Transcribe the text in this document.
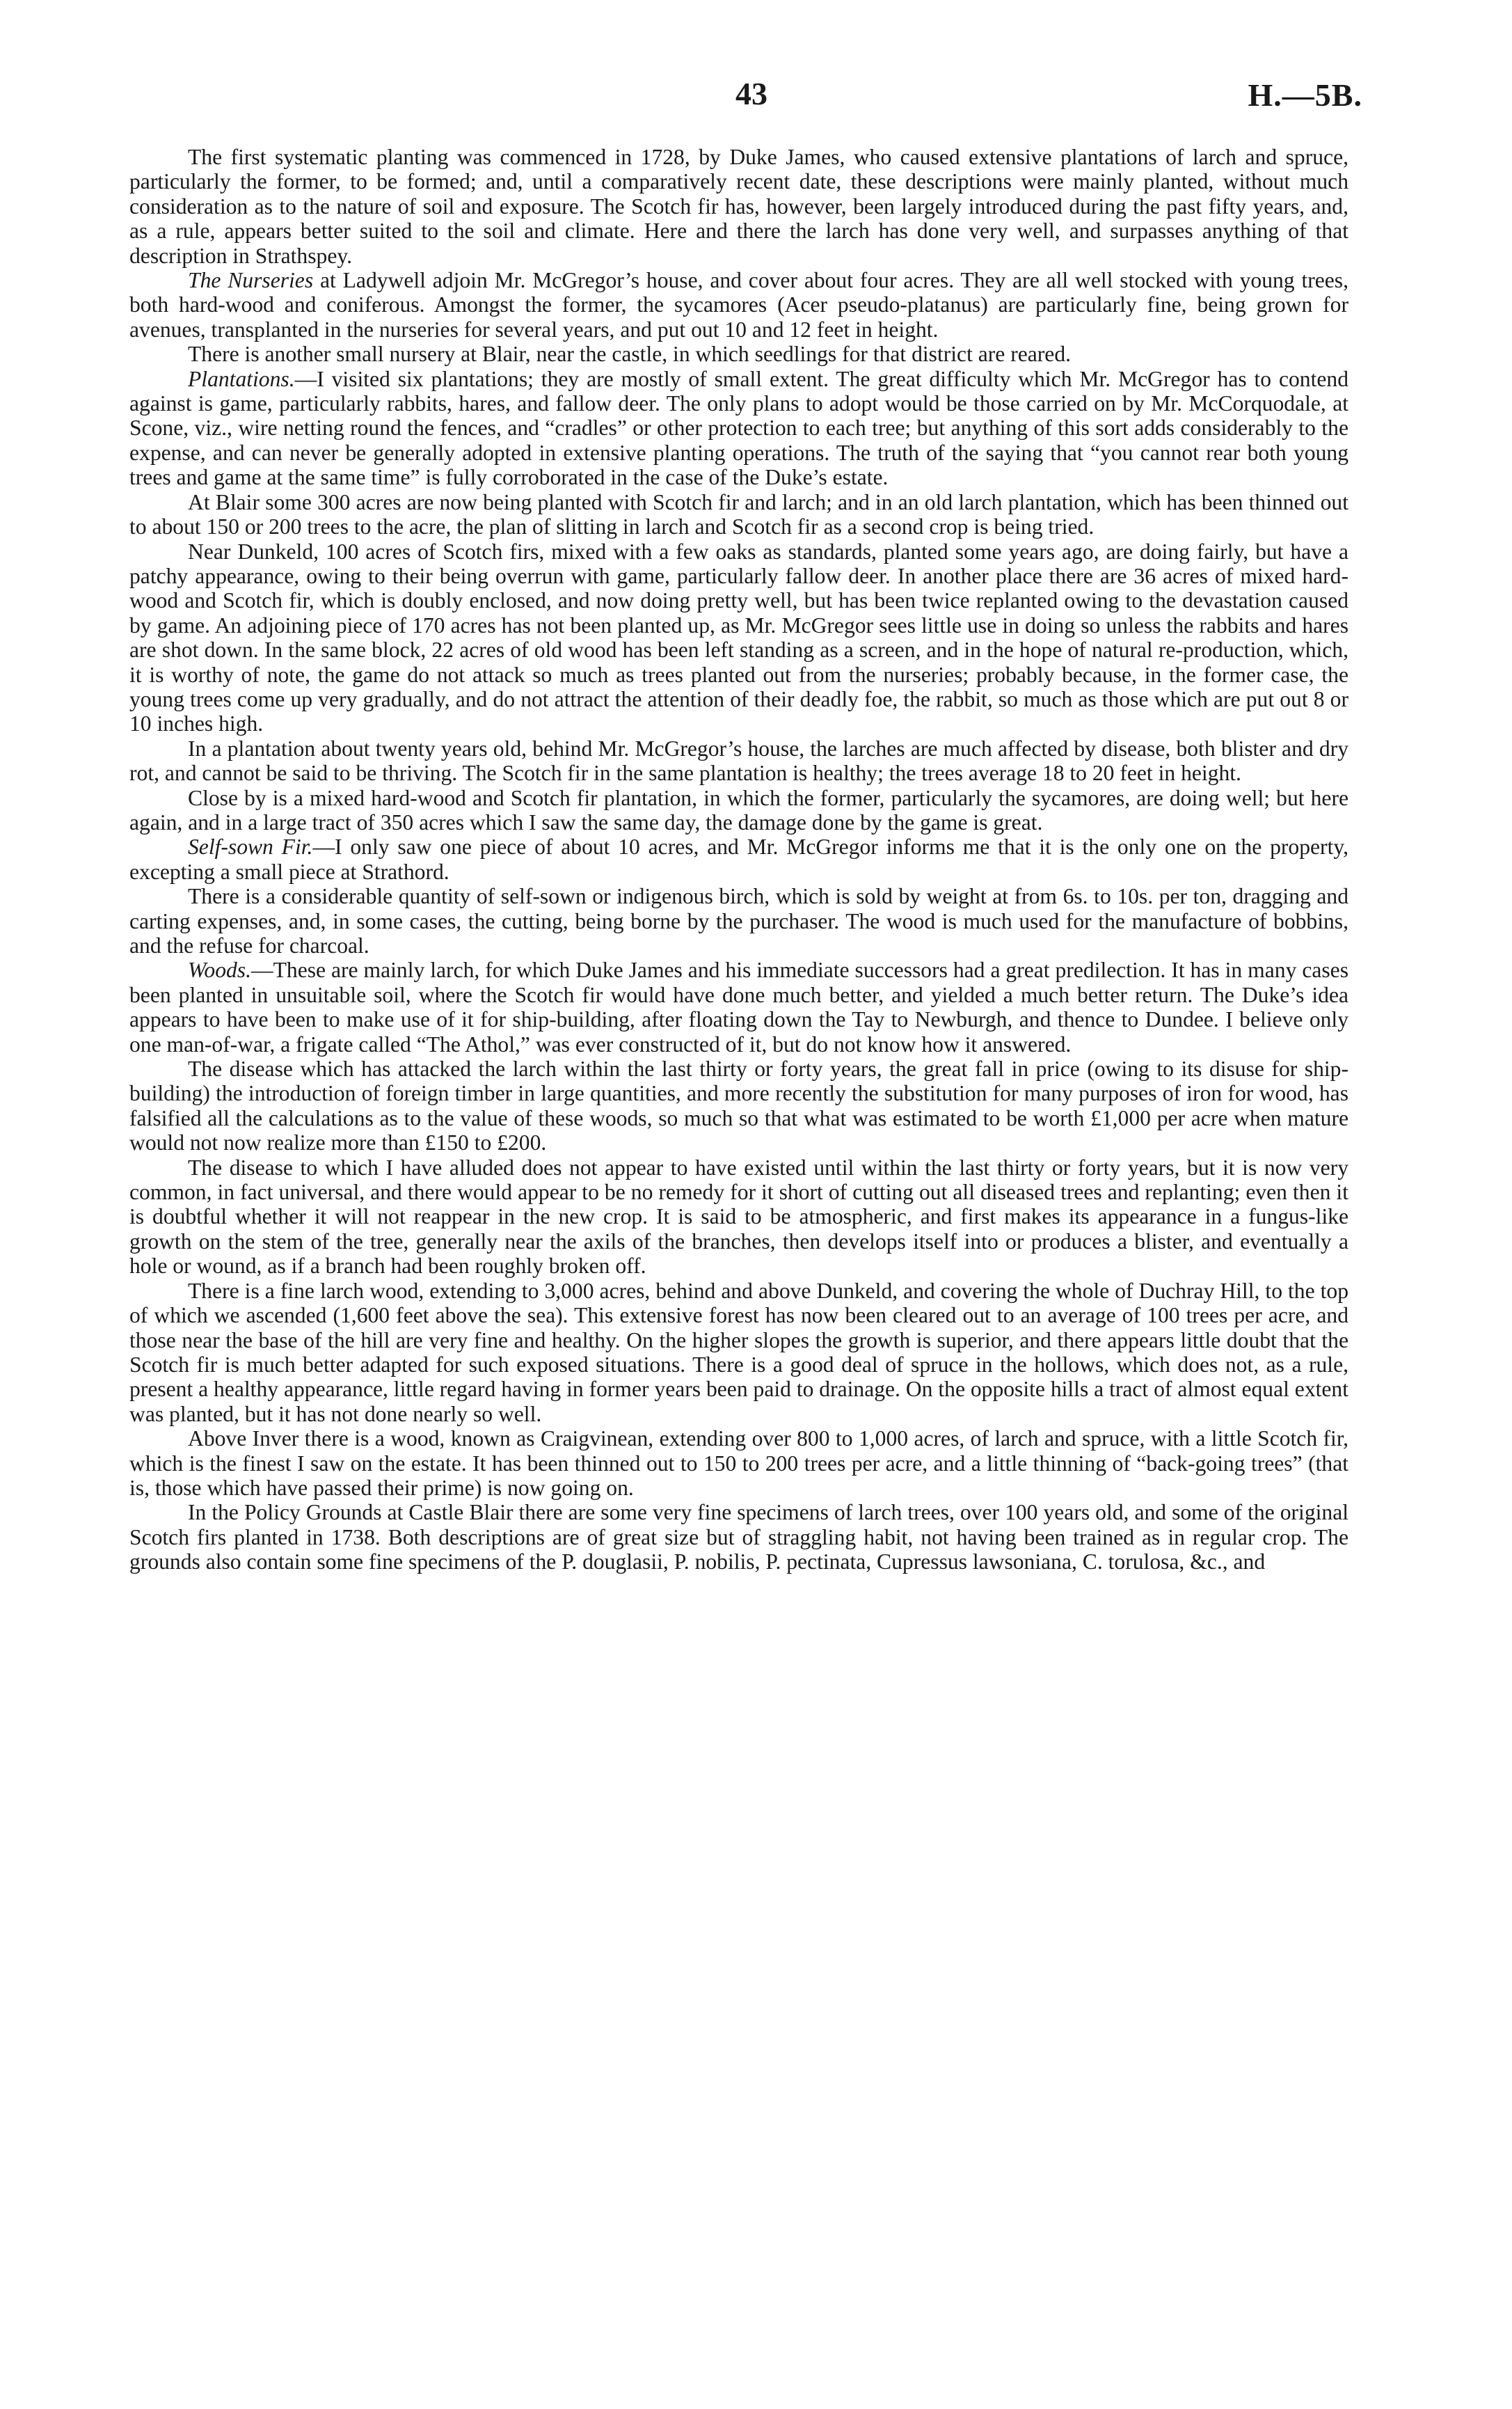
43	H.—5B.

The first systematic planting was commenced in 1728, by Duke James, who caused extensive plantations of larch and spruce, particularly the former, to be formed; and, until a comparatively recent date, these descriptions were mainly planted, without much consideration as to the nature of soil and exposure. The Scotch fir has, however, been largely introduced during the past fifty years, and, as a rule, appears better suited to the soil and climate. Here and there the larch has done very well, and surpasses anything of that description in Strathspey.

The Nurseries at Ladywell adjoin Mr. McGregor’s house, and cover about four acres. They are all well stocked with young trees, both hard-wood and coniferous. Amongst the former, the sycamores (Acer pseudo-platanus) are particularly fine, being grown for avenues, transplanted in the nurseries for several years, and put out 10 and 12 feet in height.

There is another small nursery at Blair, near the castle, in which seedlings for that district are reared.

Plantations.—I visited six plantations; they are mostly of small extent. The great difficulty which Mr. McGregor has to contend against is game, particularly rabbits, hares, and fallow deer. The only plans to adopt would be those carried on by Mr. McCorquodale, at Scone, viz., wire netting round the fences, and “cradles” or other protection to each tree; but anything of this sort adds considerably to the expense, and can never be generally adopted in extensive planting operations. The truth of the saying that “you cannot rear both young trees and game at the same time” is fully corroborated in the case of the Duke’s estate.

At Blair some 300 acres are now being planted with Scotch fir and larch; and in an old larch plantation, which has been thinned out to about 150 or 200 trees to the acre, the plan of slitting in larch and Scotch fir as a second crop is being tried.

Near Dunkeld, 100 acres of Scotch firs, mixed with a few oaks as standards, planted some years ago, are doing fairly, but have a patchy appearance, owing to their being overrun with game, particularly fallow deer. In another place there are 36 acres of mixed hard-wood and Scotch fir, which is doubly enclosed, and now doing pretty well, but has been twice replanted owing to the devastation caused by game. An adjoining piece of 170 acres has not been planted up, as Mr. McGregor sees little use in doing so unless the rabbits and hares are shot down. In the same block, 22 acres of old wood has been left standing as a screen, and in the hope of natural re-production, which, it is worthy of note, the game do not attack so much as trees planted out from the nurseries; probably because, in the former case, the young trees come up very gradually, and do not attract the attention of their deadly foe, the rabbit, so much as those which are put out 8 or 10 inches high.

In a plantation about twenty years old, behind Mr. McGregor’s house, the larches are much affected by disease, both blister and dry rot, and cannot be said to be thriving. The Scotch fir in the same plantation is healthy; the trees average 18 to 20 feet in height.

Close by is a mixed hard-wood and Scotch fir plantation, in which the former, particularly the sycamores, are doing well; but here again, and in a large tract of 350 acres which I saw the same day, the damage done by the game is great.

Self-sown Fir.—I only saw one piece of about 10 acres, and Mr. McGregor informs me that it is the only one on the property, excepting a small piece at Strathord.

There is a considerable quantity of self-sown or indigenous birch, which is sold by weight at from 6s. to 10s. per ton, dragging and carting expenses, and, in some cases, the cutting, being borne by the purchaser. The wood is much used for the manufacture of bobbins, and the refuse for charcoal.

Woods.—These are mainly larch, for which Duke James and his immediate successors had a great predilection. It has in many cases been planted in unsuitable soil, where the Scotch fir would have done much better, and yielded a much better return. The Duke’s idea appears to have been to make use of it for ship-building, after floating down the Tay to Newburgh, and thence to Dundee. I believe only one man-of-war, a frigate called “The Athol,” was ever constructed of it, but do not know how it answered.

The disease which has attacked the larch within the last thirty or forty years, the great fall in price (owing to its disuse for ship-building) the introduction of foreign timber in large quantities, and more recently the substitution for many purposes of iron for wood, has falsified all the calculations as to the value of these woods, so much so that what was estimated to be worth £1,000 per acre when mature would not now realize more than £150 to £200.

The disease to which I have alluded does not appear to have existed until within the last thirty or forty years, but it is now very common, in fact universal, and there would appear to be no remedy for it short of cutting out all diseased trees and replanting; even then it is doubtful whether it will not reappear in the new crop. It is said to be atmospheric, and first makes its appearance in a fungus-like growth on the stem of the tree, generally near the axils of the branches, then develops itself into or produces a blister, and eventually a hole or wound, as if a branch had been roughly broken off.

There is a fine larch wood, extending to 3,000 acres, behind and above Dunkeld, and covering the whole of Duchray Hill, to the top of which we ascended (1,600 feet above the sea). This extensive forest has now been cleared out to an average of 100 trees per acre, and those near the base of the hill are very fine and healthy. On the higher slopes the growth is superior, and there appears little doubt that the Scotch fir is much better adapted for such exposed situations. There is a good deal of spruce in the hollows, which does not, as a rule, present a healthy appearance, little regard having in former years been paid to drainage. On the opposite hills a tract of almost equal extent was planted, but it has not done nearly so well.

Above Inver there is a wood, known as Craigvinean, extending over 800 to 1,000 acres, of larch and spruce, with a little Scotch fir, which is the finest I saw on the estate. It has been thinned out to 150 to 200 trees per acre, and a little thinning of “back-going trees” (that is, those which have passed their prime) is now going on.

In the Policy Grounds at Castle Blair there are some very fine specimens of larch trees, over 100 years old, and some of the original Scotch firs planted in 1738. Both descriptions are of great size but of straggling habit, not having been trained as in regular crop. The grounds also contain some fine specimens of the P. douglasii, P. nobilis, P. pectinata, Cupressus lawsoniana, C. torulosa, &c., and
